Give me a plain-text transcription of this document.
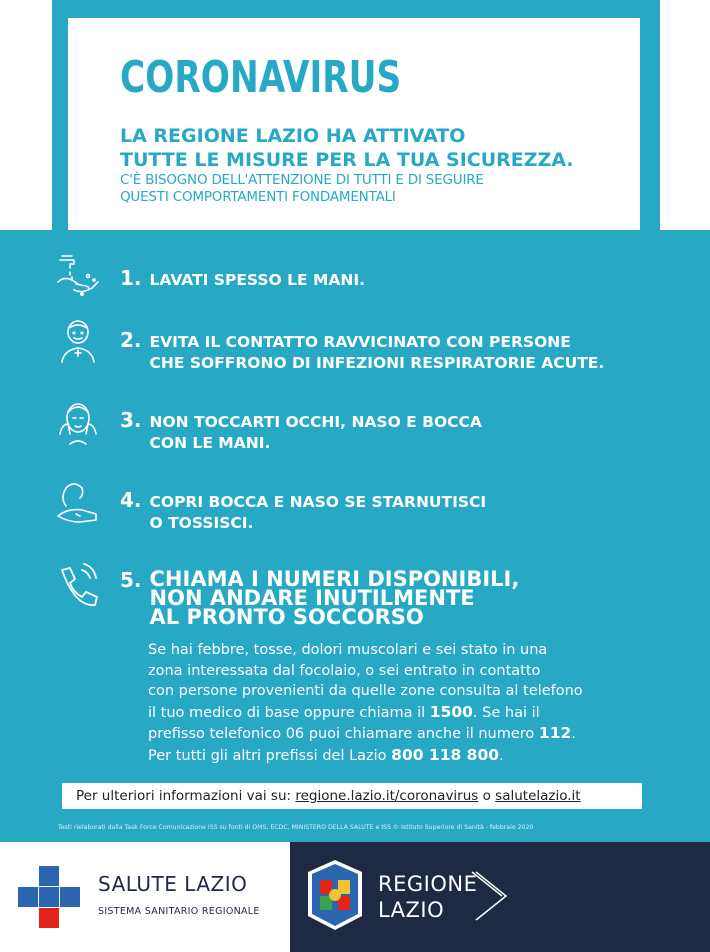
CORONAVIRUS
LA REGIONE LAZIO HA ATTIVATO
TUTTE LE MISURE PER LA TUA SICUREZZA.
C'È BISOGNO DELL'ATTENZIONE DI TUTTI E DI SEGUIRE
QUESTI COMPORTAMENTI FONDAMENTALI
1. LAVATI SPESSO LE MANI.
2. EVITA IL CONTATTO RAVVICINATO CON PERSONE
CHE SOFFRONO DI INFEZIONI RESPIRATORIE ACUTE.
3. NON TOCCARTI OCCHI, NASO E BOCCA
CON LE MANI.
4. COPRI BOCCA E NASO SE STARNUTISCI
O TOSSISCI.
5. CHIAMA I NUMERI DISPONIBILI,
NON ANDARE INUTILMENTE
AL PRONTO SOCCORSO
Se hai febbre, tosse, dolori muscolari e sei stato in una
zona interessata dal focolaio, o sei entrato in contatto
con persone provenienti da quelle zone consulta al telefono
il tuo medico di base oppure chiama il 1500. Se hai il
prefisso telefonico 06 puoi chiamare anche il numero 112.
Per tutti gli altri prefissi del Lazio 800 118 800.
Per ulteriori informazioni vai su: regione.lazio.it/coronavirus o salutelazio.it
Testi rielaborati dalla Task Force Comunicazione ISS su fonti di OMS, ECDC, MINISTERO DELLA SALUTE e ISS © Istituto Superiore di Sanità - febbraio 2020
SALUTE LAZIO
SISTEMA SANITARIO REGIONALE
REGIONE
LAZIO
